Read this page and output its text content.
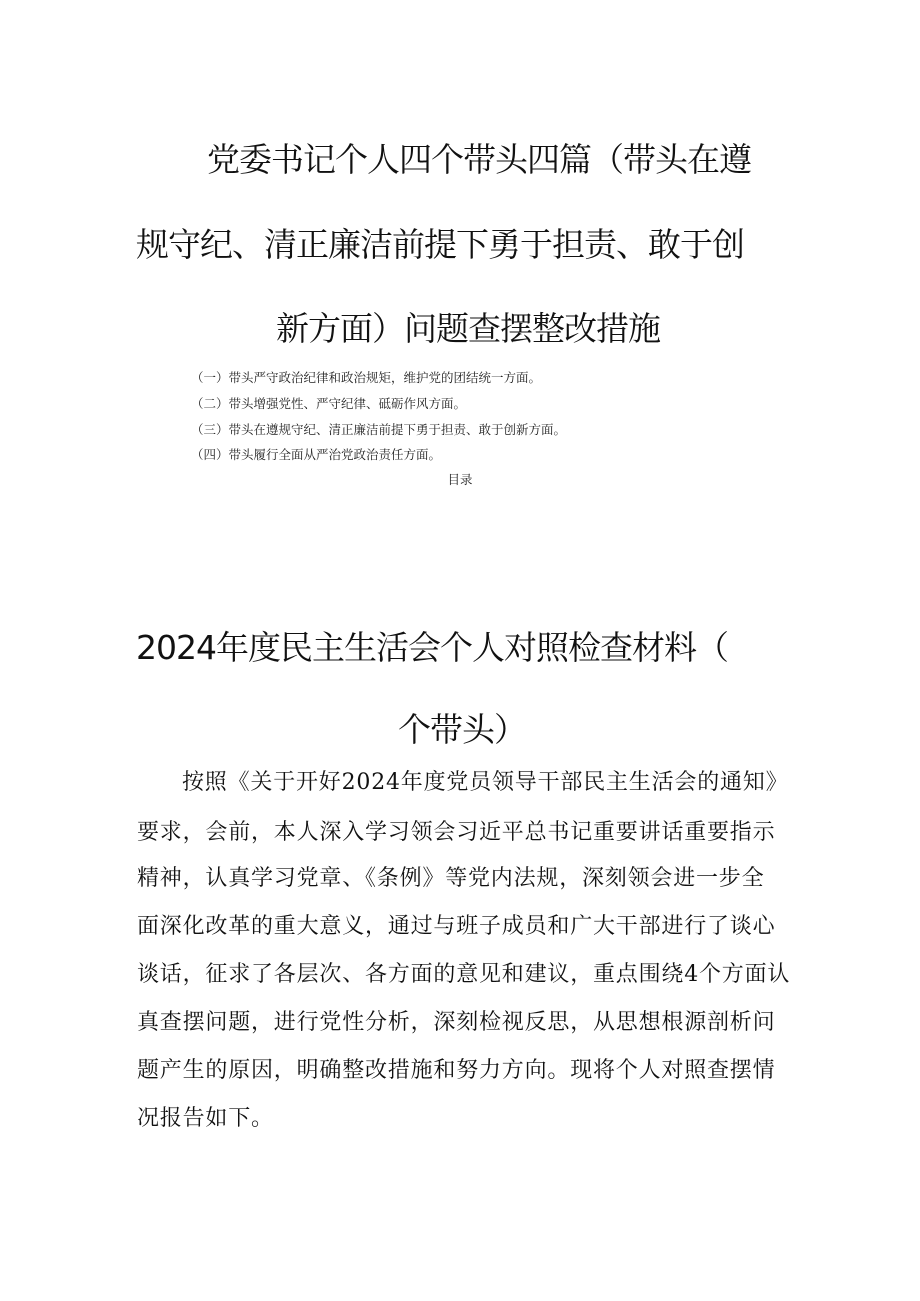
党委书记个人四个带头四篇（带头在遵
规守纪、清正廉洁前提下勇于担责、敢于创
新方面）问题查摆整改措施
（一）带头严守政治纪律和政治规矩，维护党的团结统一方面。
（二）带头增强党性、严守纪律、砥砺作风方面。
（三）带头在遵规守纪、清正廉洁前提下勇于担责、敢于创新方面。
（四）带头履行全面从严治党政治责任方面。
目录
2024年度民主生活会个人对照检查材料（
个带头）
按照《关于开好2024年度党员领导干部民主生活会的通知》
要求，会前，本人深入学习领会习近平总书记重要讲话重要指示
精神，认真学习党章、《条例》等党内法规，深刻领会进一步全
面深化改革的重大意义，通过与班子成员和广大干部进行了谈心
谈话，征求了各层次、各方面的意见和建议，重点围绕4个方面认
真查摆问题，进行党性分析，深刻检视反思，从思想根源剖析问
题产生的原因，明确整改措施和努力方向。现将个人对照查摆情
况报告如下。
